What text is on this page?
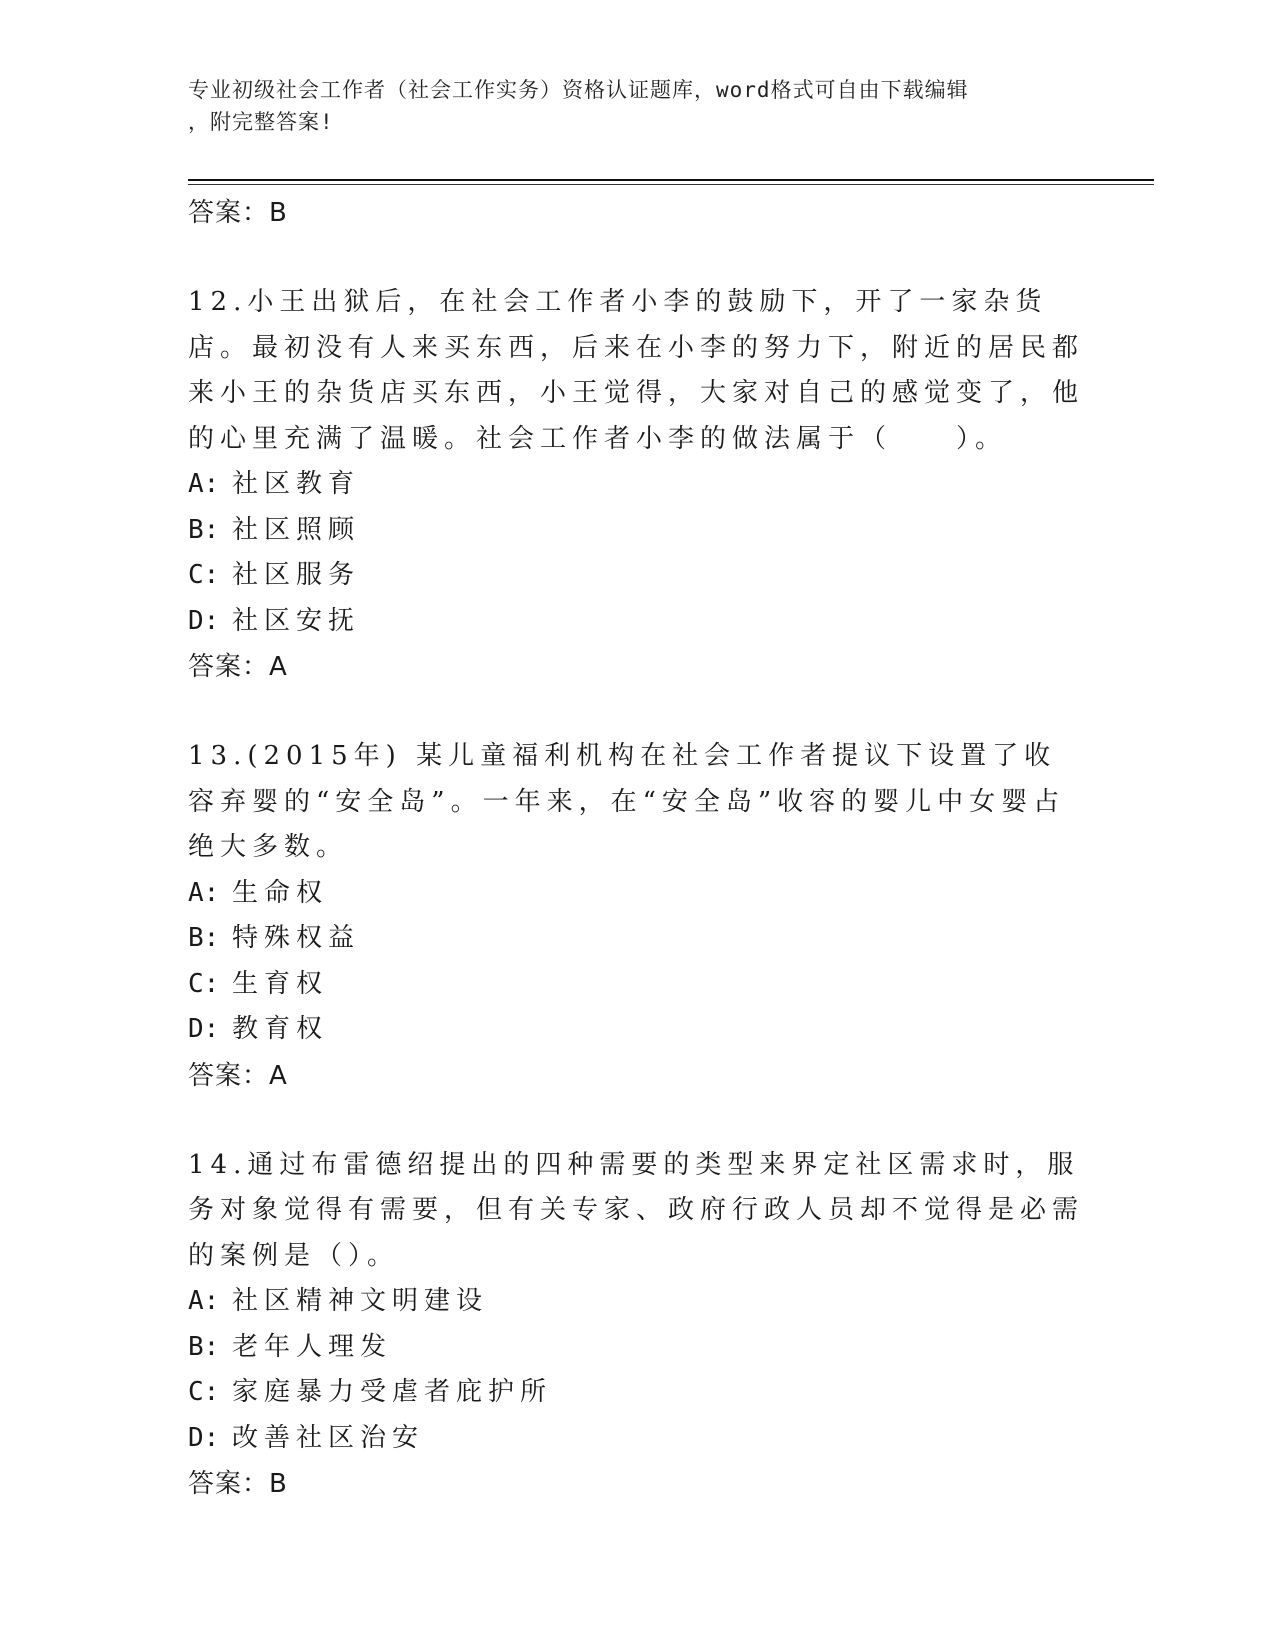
专业初级社会工作者（社会工作实务）资格认证题库，word格式可自由下载编辑
，附完整答案!
答案：B

12.小王出狱后，在社会工作者小李的鼓励下，开了一家杂货店。最初没有人来买东西，后来在小李的努力下，附近的居民都来小王的杂货店买东西，小王觉得，大家对自己的感觉变了，他的心里充满了温暖。社会工作者小李的做法属于（　　）。

A: 社区教育
B: 社区照顾
C: 社区服务
D: 社区安抚
答案：A

13.(2015年) 某儿童福利机构在社会工作者提议下设置了收容弃婴的“安全岛”。一年来，在“安全岛”收容的婴儿中女婴占绝大多数。

A: 生命权
B: 特殊权益
C: 生育权
D: 教育权
答案：A

14.通过布雷德绍提出的四种需要的类型来界定社区需求时，服务对象觉得有需要，但有关专家、政府行政人员却不觉得是必需的案例是（）。

A: 社区精神文明建设
B: 老年人理发
C: 家庭暴力受虐者庇护所
D: 改善社区治安
答案：B
